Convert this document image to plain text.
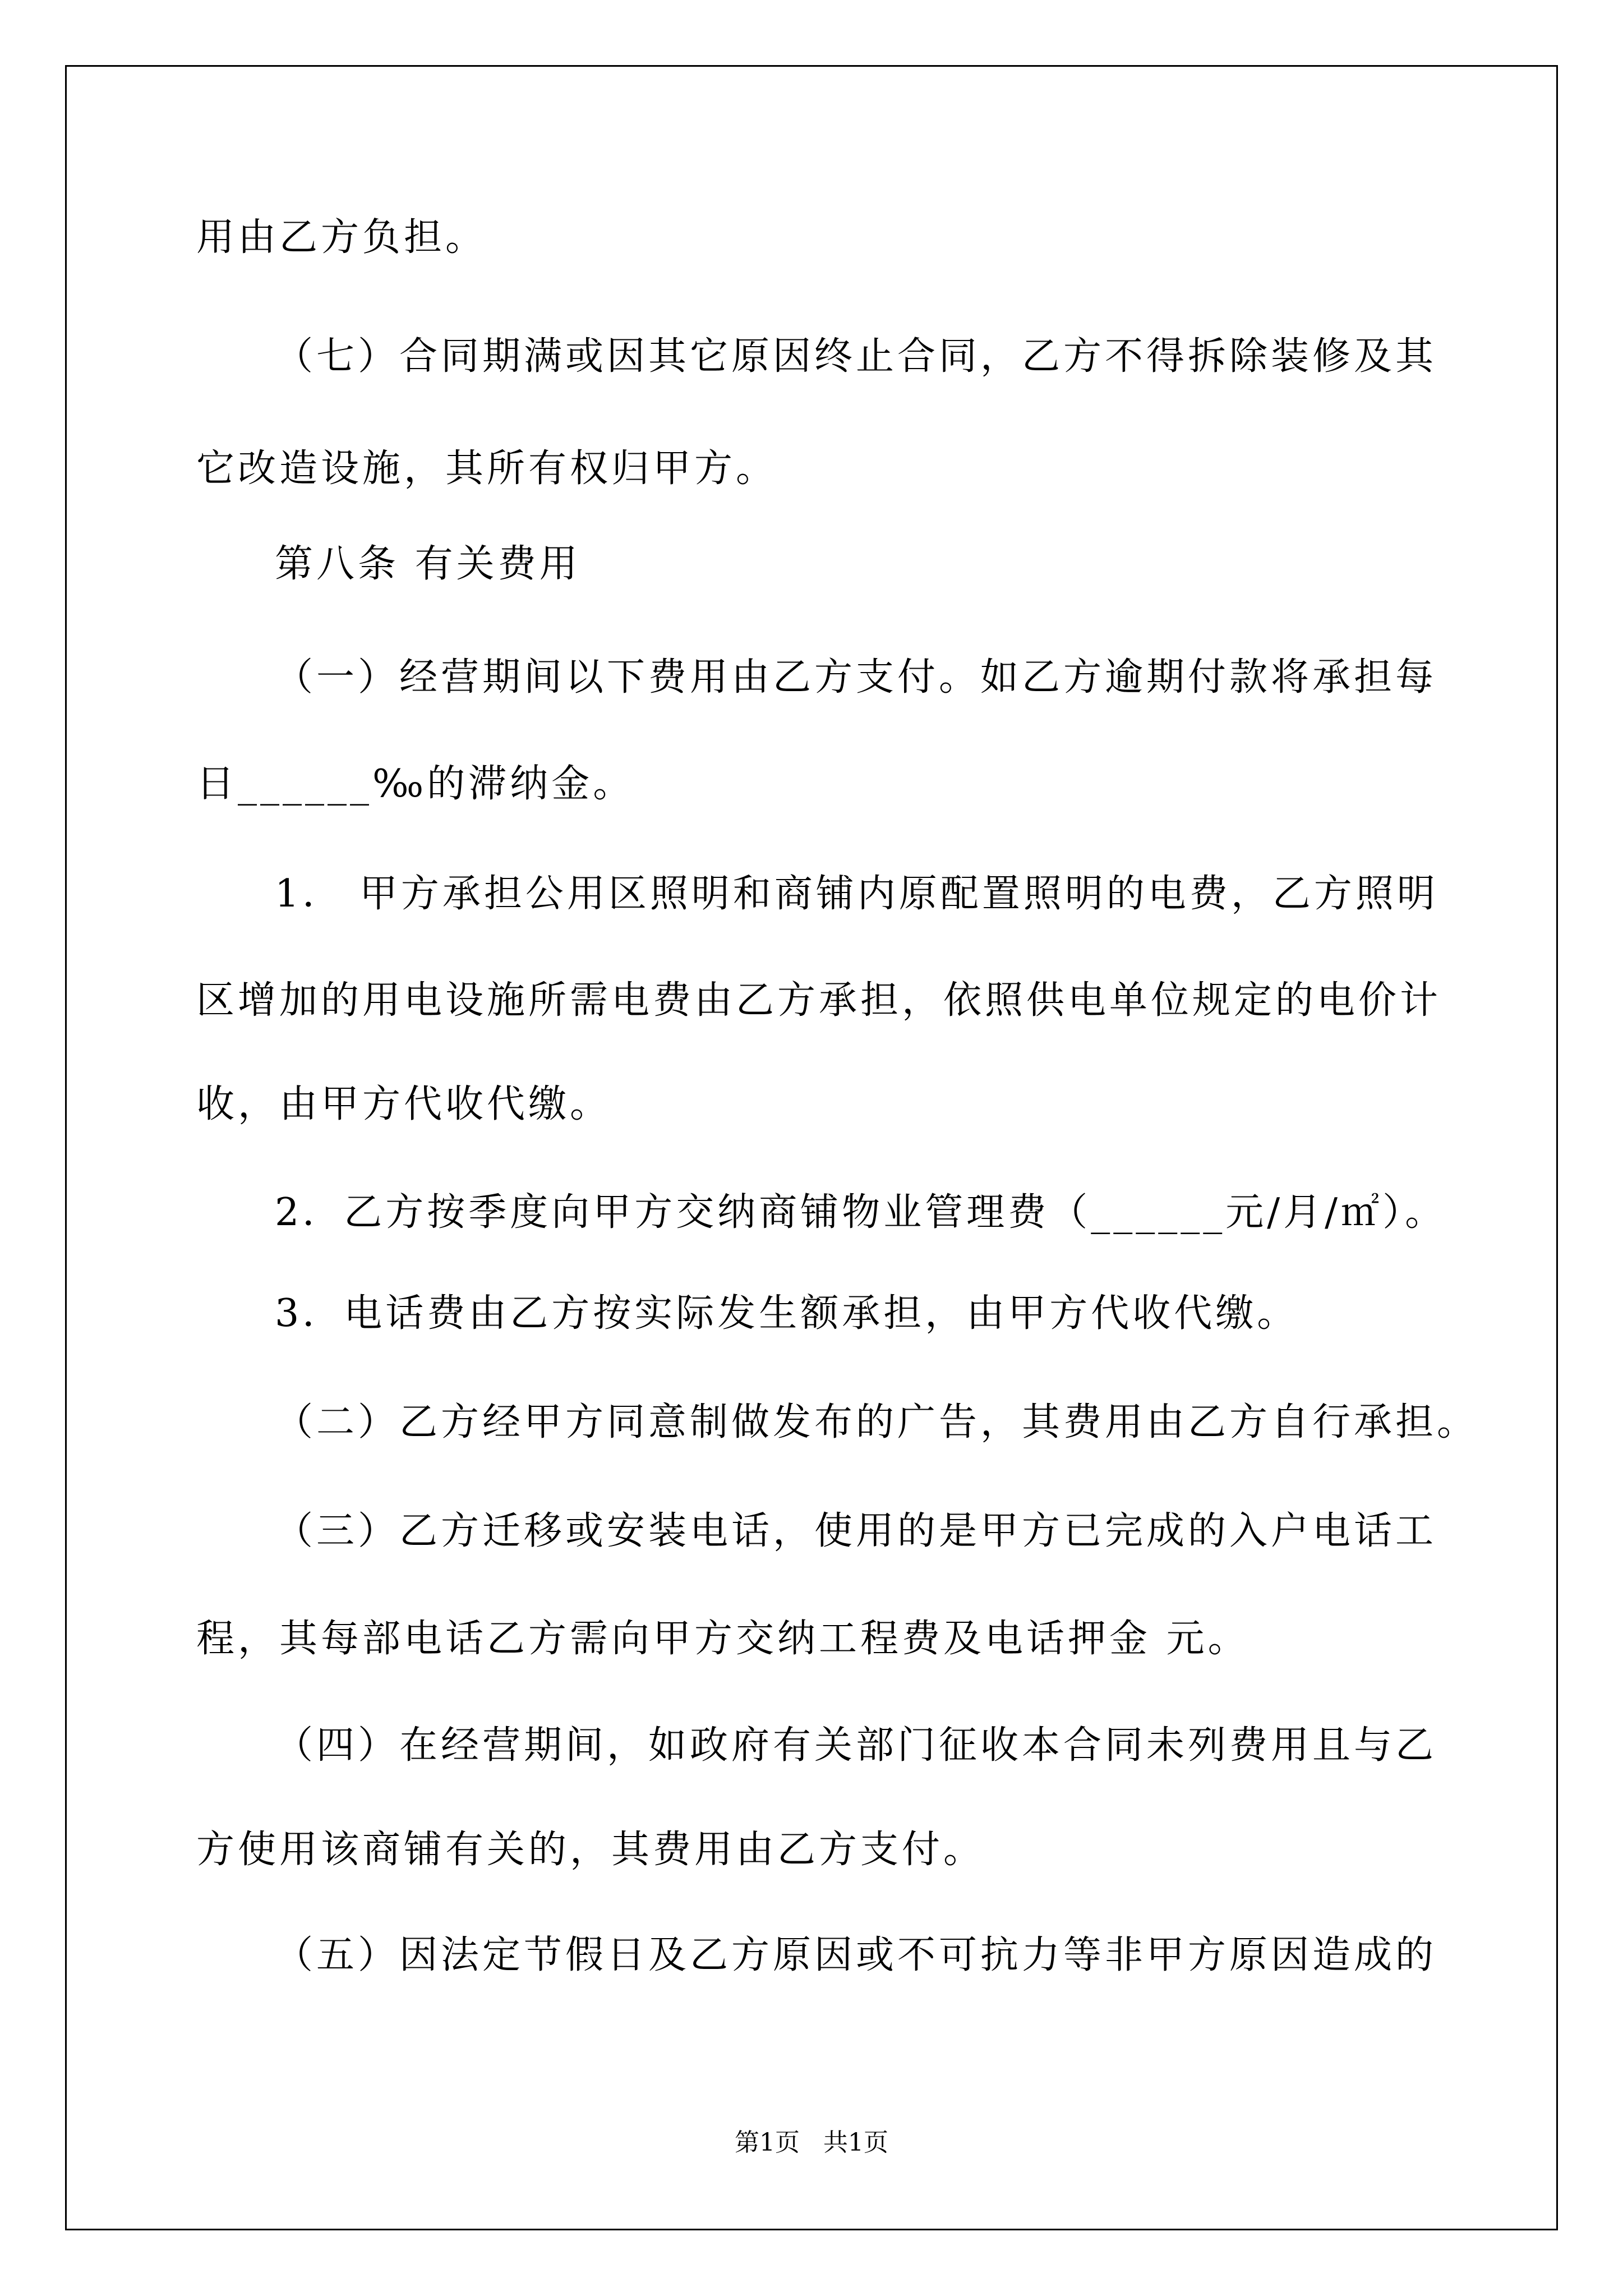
用由乙方负担。

（七）合同期满或因其它原因终止合同，乙方不得拆除装修及其

它改造设施，其所有权归甲方。

第八条 有关费用

（一）经营期间以下费用由乙方支付。如乙方逾期付款将承担每

日______‰的滞纳金。

1． 甲方承担公用区照明和商铺内原配置照明的电费，乙方照明

区增加的用电设施所需电费由乙方承担，依照供电单位规定的电价计

收，由甲方代收代缴。

2．乙方按季度向甲方交纳商铺物业管理费（______元/月/㎡）。

3．电话费由乙方按实际发生额承担，由甲方代收代缴。

（二）乙方经甲方同意制做发布的广告，其费用由乙方自行承担。

（三）乙方迁移或安装电话，使用的是甲方已完成的入户电话工

程，其每部电话乙方需向甲方交纳工程费及电话押金 元。

（四）在经营期间，如政府有关部门征收本合同未列费用且与乙

方使用该商铺有关的，其费用由乙方支付。

（五）因法定节假日及乙方原因或不可抗力等非甲方原因造成的

第1页 共1页
